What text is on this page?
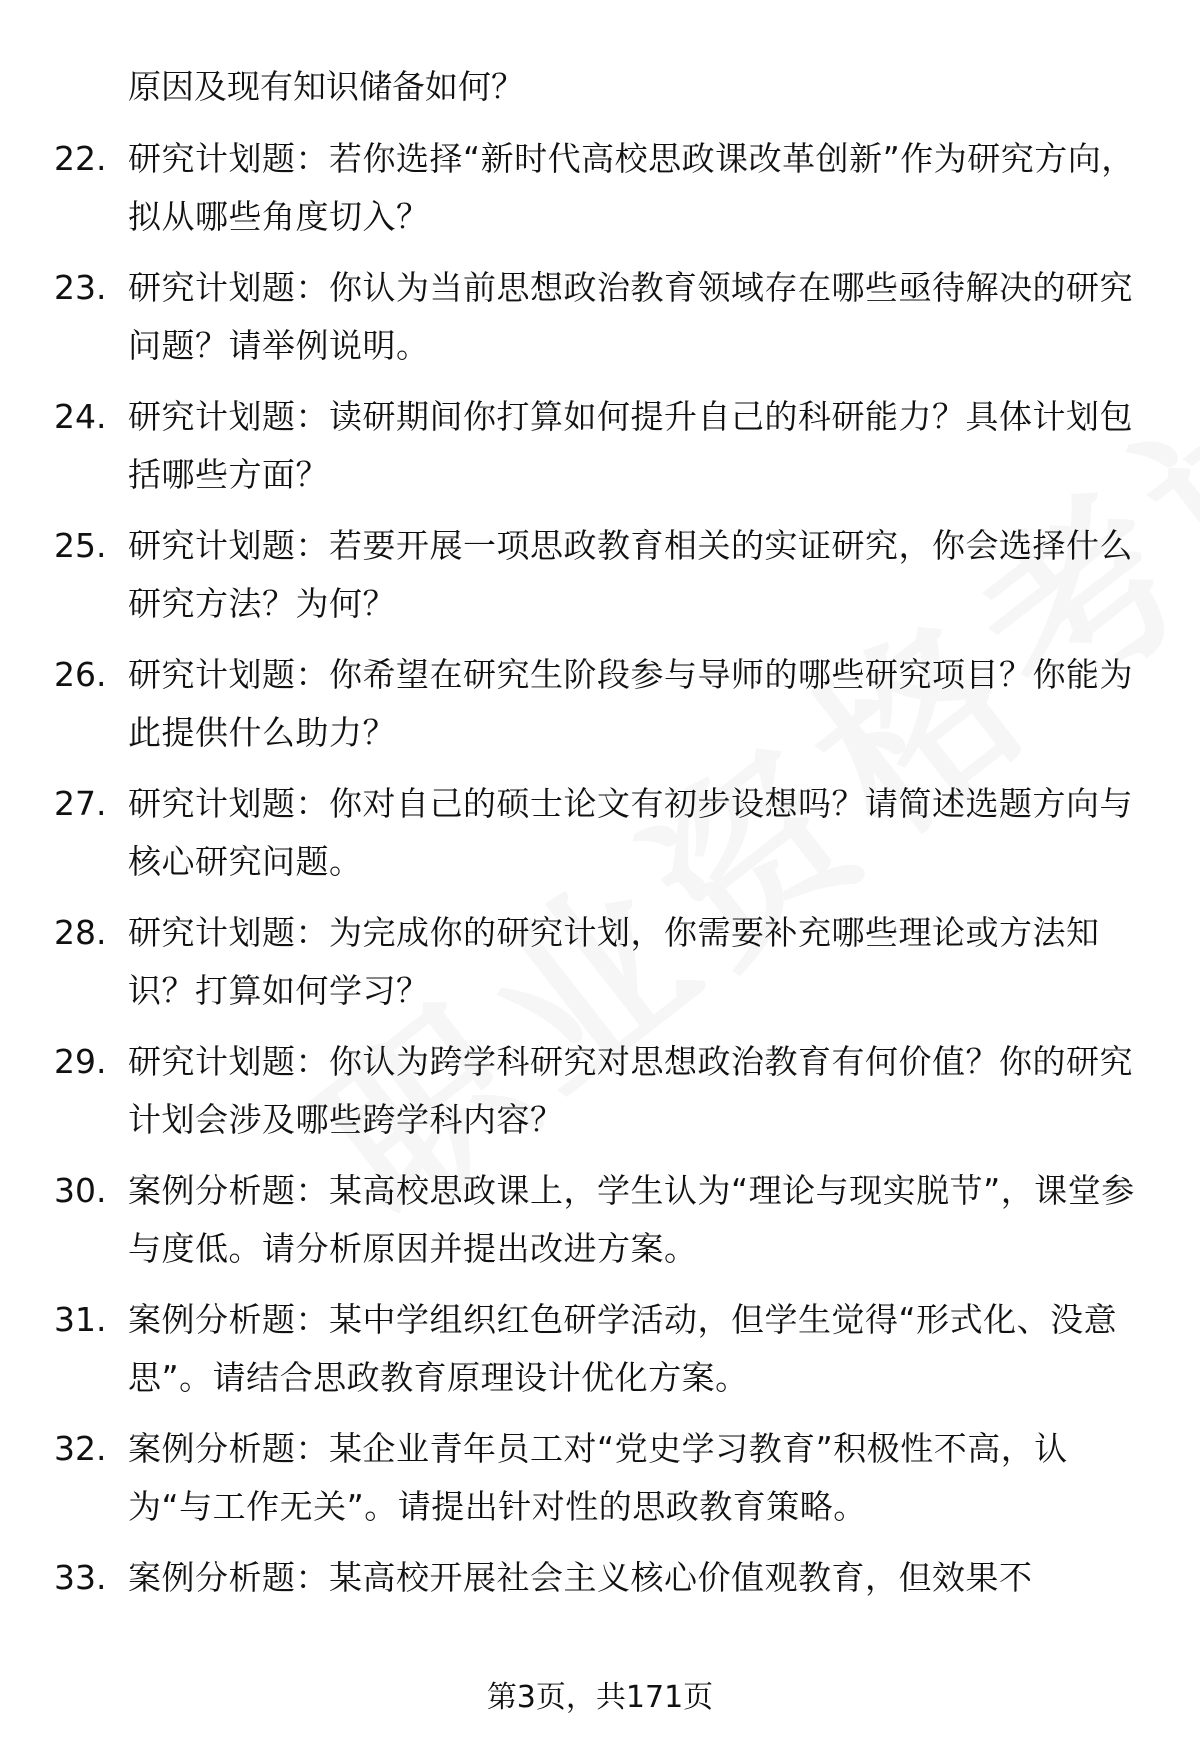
原因及现有知识储备如何？
22. 研究计划题：若你选择“新时代高校思政课改革创新”作为研究方向，拟从哪些角度切入？
23. 研究计划题：你认为当前思想政治教育领域存在哪些亟待解决的研究问题？请举例说明。
24. 研究计划题：读研期间你打算如何提升自己的科研能力？具体计划包括哪些方面？
25. 研究计划题：若要开展一项思政教育相关的实证研究，你会选择什么研究方法？为何？
26. 研究计划题：你希望在研究生阶段参与导师的哪些研究项目？你能为此提供什么助力？
27. 研究计划题：你对自己的硕士论文有初步设想吗？请简述选题方向与核心研究问题。
28. 研究计划题：为完成你的研究计划，你需要补充哪些理论或方法知识？打算如何学习？
29. 研究计划题：你认为跨学科研究对思想政治教育有何价值？你的研究计划会涉及哪些跨学科内容？
30. 案例分析题：某高校思政课上，学生认为“理论与现实脱节”，课堂参与度低。请分析原因并提出改进方案。
31. 案例分析题：某中学组织红色研学活动，但学生觉得“形式化、没意思”。请结合思政教育原理设计优化方案。
32. 案例分析题：某企业青年员工对“党史学习教育”积极性不高，认为“与工作无关”。请提出针对性的思政教育策略。
33. 案例分析题：某高校开展社会主义核心价值观教育，但效果不
第3页，共171页
